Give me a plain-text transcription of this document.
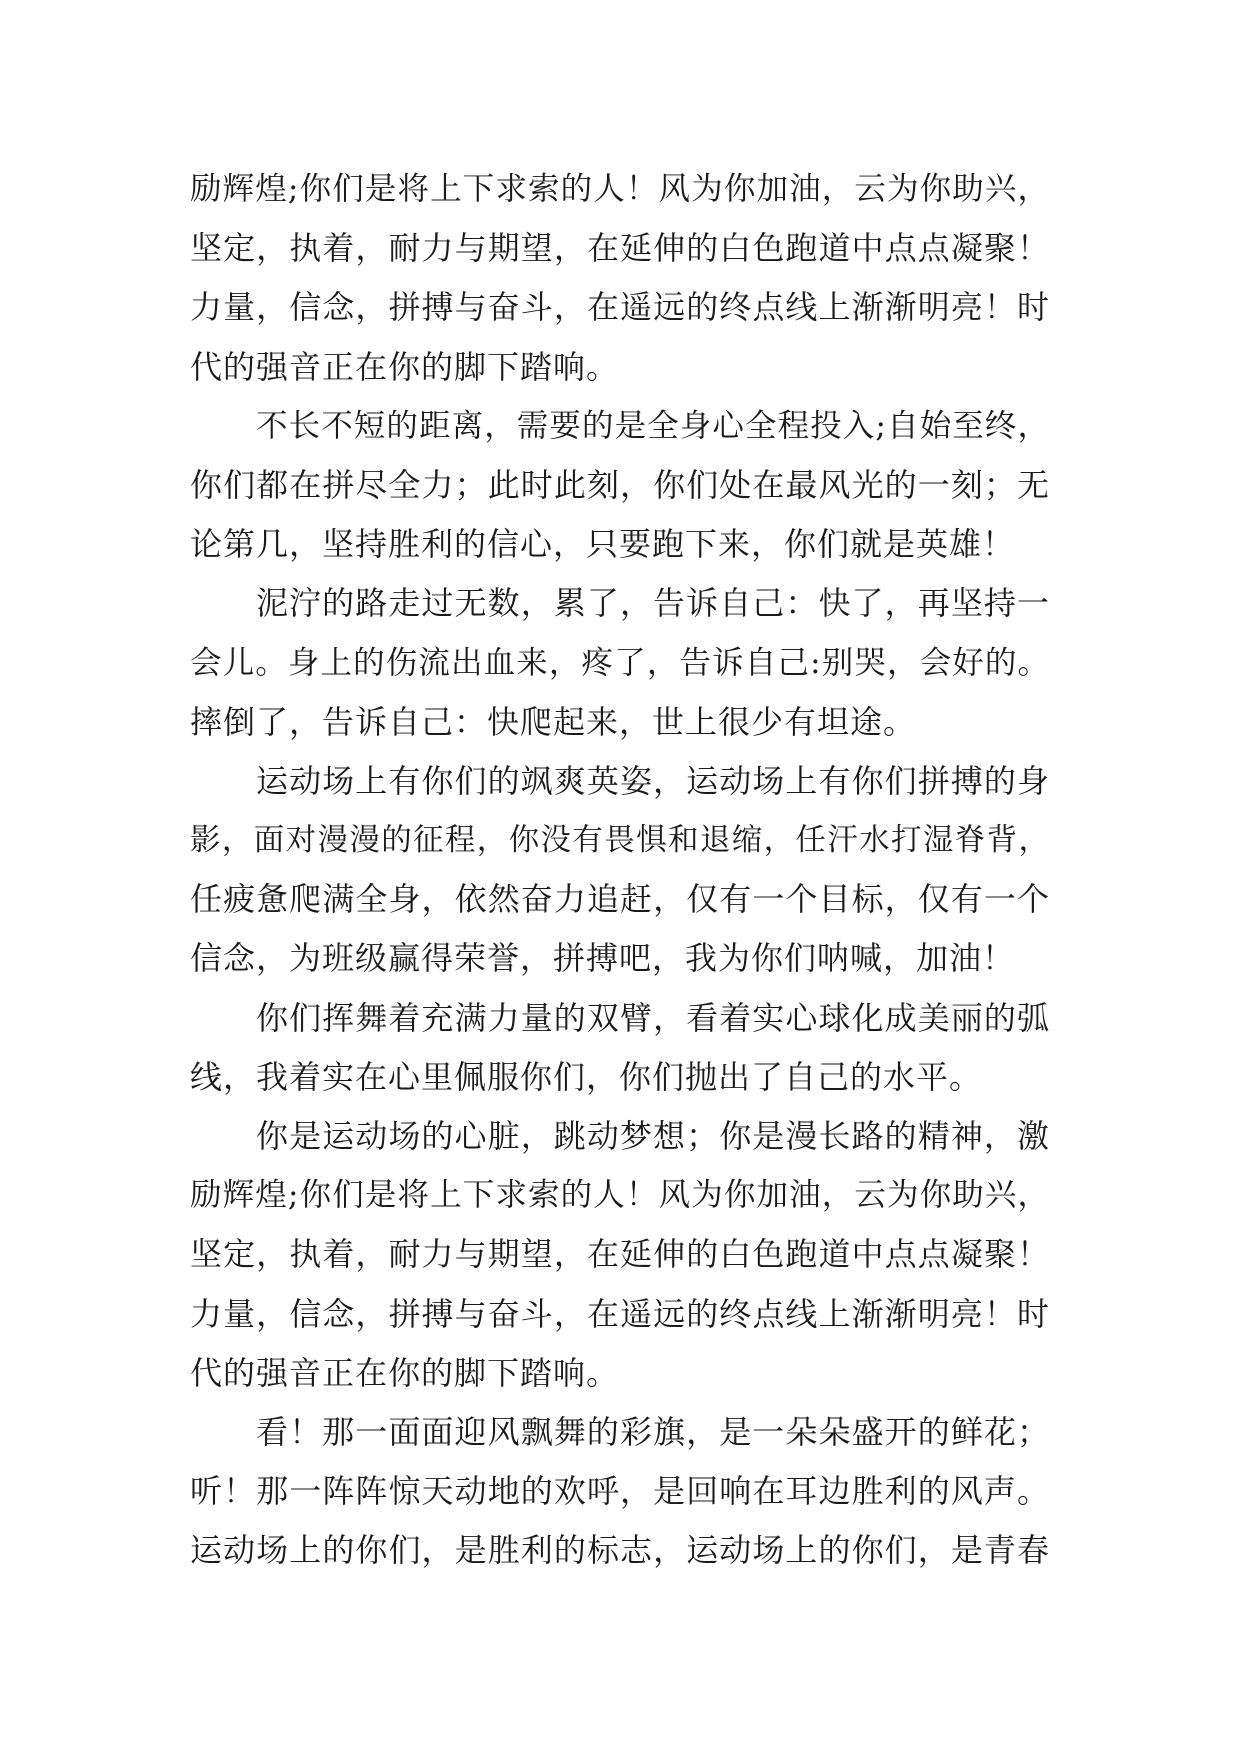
励辉煌;你们是将上下求索的人！风为你加油，云为你助兴，
坚定，执着，耐力与期望，在延伸的白色跑道中点点凝聚！
力量，信念，拼搏与奋斗，在遥远的终点线上渐渐明亮！时
代的强音正在你的脚下踏响。
不长不短的距离，需要的是全身心全程投入;自始至终，
你们都在拼尽全力；此时此刻，你们处在最风光的一刻；无
论第几，坚持胜利的信心，只要跑下来，你们就是英雄！
泥泞的路走过无数，累了，告诉自己：快了，再坚持一
会儿。身上的伤流出血来，疼了，告诉自己:别哭，会好的。
摔倒了，告诉自己：快爬起来，世上很少有坦途。
运动场上有你们的飒爽英姿，运动场上有你们拼搏的身
影，面对漫漫的征程，你没有畏惧和退缩，任汗水打湿脊背，
任疲惫爬满全身，依然奋力追赶，仅有一个目标，仅有一个
信念，为班级赢得荣誉，拼搏吧，我为你们呐喊，加油！
你们挥舞着充满力量的双臂，看着实心球化成美丽的弧
线，我着实在心里佩服你们，你们抛出了自己的水平。
你是运动场的心脏，跳动梦想；你是漫长路的精神，激
励辉煌;你们是将上下求索的人！风为你加油，云为你助兴，
坚定，执着，耐力与期望，在延伸的白色跑道中点点凝聚！
力量，信念，拼搏与奋斗，在遥远的终点线上渐渐明亮！时
代的强音正在你的脚下踏响。
看！那一面面迎风飘舞的彩旗，是一朵朵盛开的鲜花；
听！那一阵阵惊天动地的欢呼，是回响在耳边胜利的风声。
运动场上的你们，是胜利的标志，运动场上的你们，是青春
